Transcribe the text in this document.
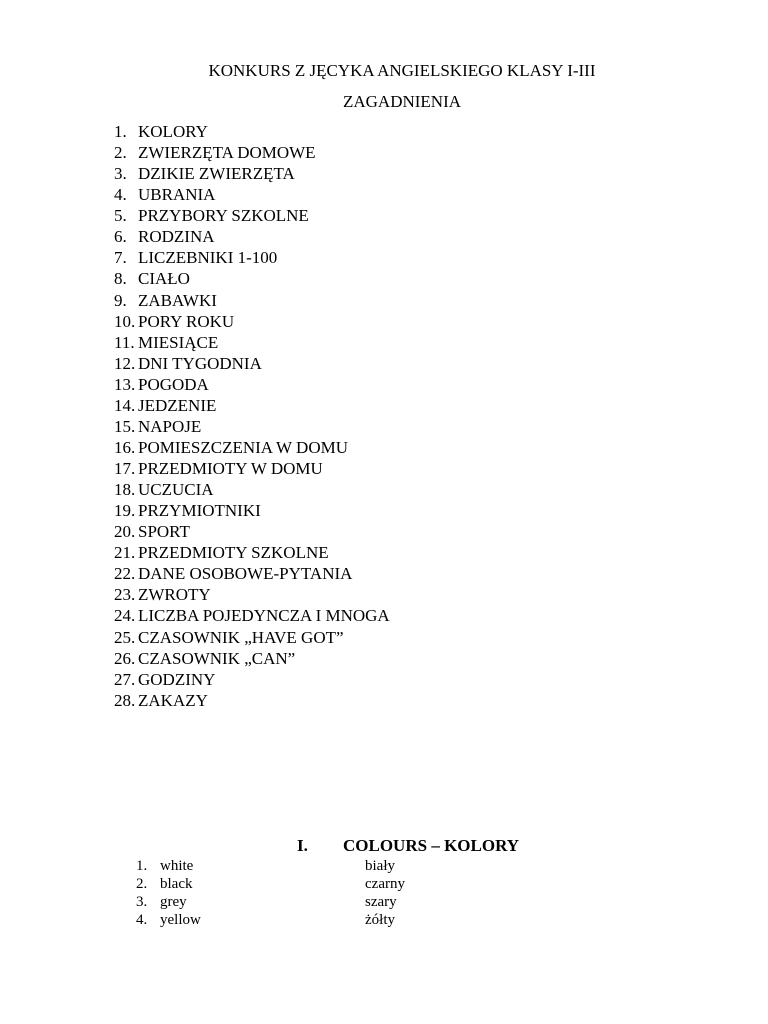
KONKURS Z JĘCYKA ANGIELSKIEGO KLASY I-III
ZAGADNIENIA
1. KOLORY
2. ZWIERZĘTA DOMOWE
3. DZIKIE ZWIERZĘTA
4. UBRANIA
5. PRZYBORY SZKOLNE
6. RODZINA
7. LICZEBNIKI 1-100
8. CIAŁO
9. ZABAWKI
10. PORY ROKU
11. MIESIĄCE
12. DNI TYGODNIA
13. POGODA
14. JEDZENIE
15. NAPOJE
16. POMIESZCZENIA W DOMU
17. PRZEDMIOTY W DOMU
18. UCZUCIA
19. PRZYMIOTNIKI
20. SPORT
21. PRZEDMIOTY SZKOLNE
22. DANE OSOBOWE-PYTANIA
23. ZWROTY
24. LICZBA POJEDYNCZA I MNOGA
25. CZASOWNIK „HAVE GOT”
26. CZASOWNIK „CAN”
27. GODZINY
28. ZAKAZY
I. COLOURS – KOLORY
1. white	biały
2. black	czarny
3. grey	szary
4. yellow	żółty
